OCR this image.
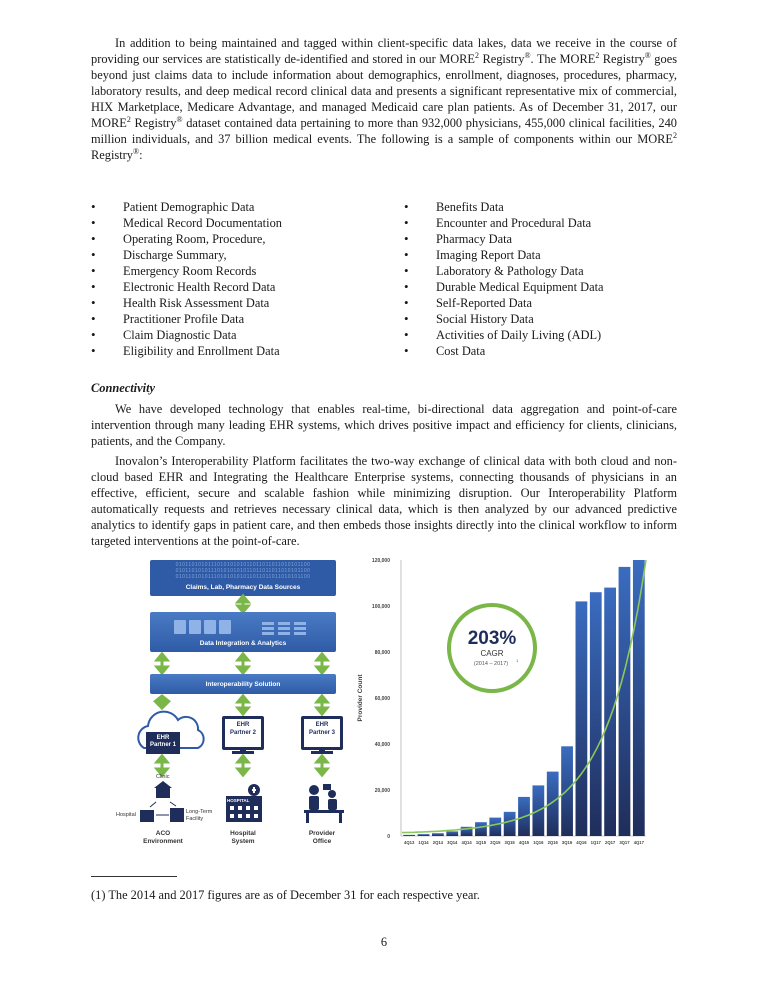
In addition to being maintained and tagged within client-specific data lakes, data we receive in the course of providing our services are statistically de-identified and stored in our MORE$^2$ Registry®. The MORE$^2$ Registry® goes beyond just claims data to include information about demographics, enrollment, diagnoses, procedures, pharmacy, laboratory results, and deep medical record clinical data and presents a significant representative mix of commercial, HIX Marketplace, Medicare Advantage, and managed Medicaid care plan patients. As of December 31, 2017, our MORE$^2$ Registry® dataset contained data pertaining to more than 932,000 physicians, 455,000 clinical facilities, 240 million individuals, and 37 billion medical events. The following is a sample of components within our MORE$^2$ Registry®:

• Patient Demographic Data
• Medical Record Documentation
• Operating Room, Procedure,
• Discharge Summary,
• Emergency Room Records
• Electronic Health Record Data
• Health Risk Assessment Data
• Practitioner Profile Data
• Claim Diagnostic Data
• Eligibility and Enrollment Data
• Benefits Data
• Encounter and Procedural Data
• Pharmacy Data
• Imaging Report Data
• Laboratory & Pathology Data
• Durable Medical Equipment Data
• Self-Reported Data
• Social History Data
• Activities of Daily Living (ADL)
• Cost Data
Connectivity

We have developed technology that enables real-time, bi-directional data aggregation and point-of-care intervention through many leading EHR systems, which drives positive impact and efficiency for clients, clinicians, patients, and the Company.

Inovalon’s Interoperability Platform facilitates the two-way exchange of clinical data with both cloud and non-cloud based EHR and Integrating the Healthcare Enterprise systems, connecting thousands of physicians in an effective, efficient, secure and scalable fashion while minimizing disruption. Our Interoperability Platform automatically requests and retrieves necessary clinical data, which is then analyzed by our advanced predictive analytics to identify gaps in patient care, and then embeds those insights directly into the clinical workflow to inform targeted interventions at the point-of-care.

010110101011101010101011011011011010101100
010110101011101010101011011011011010101100
010110101011101010101011011011011010101100
Claims, Lab, Pharmacy Data Sources
Data Integration & Analytics
Interoperability Solution
EHR
Partner 1
EHR
Partner 2
EHR
Partner 3
Clinic
Hospital	Long-Term
Facility
HOSPITAL
ACO
Environment
Hospital
System
Provider
Office
0
20,000
40,000
60,000
80,000
100,000
120,000
Provider Count
4Q13 1Q14 2Q14 3Q14 4Q14 1Q15 2Q15 3Q15 4Q15 1Q16 2Q16 3Q16 4Q16 1Q17 2Q17 3Q17 4Q17
203%
CAGR
(2014 – 2017)
1
(1) The 2014 and 2017 figures are as of December 31 for each respective year.
6
